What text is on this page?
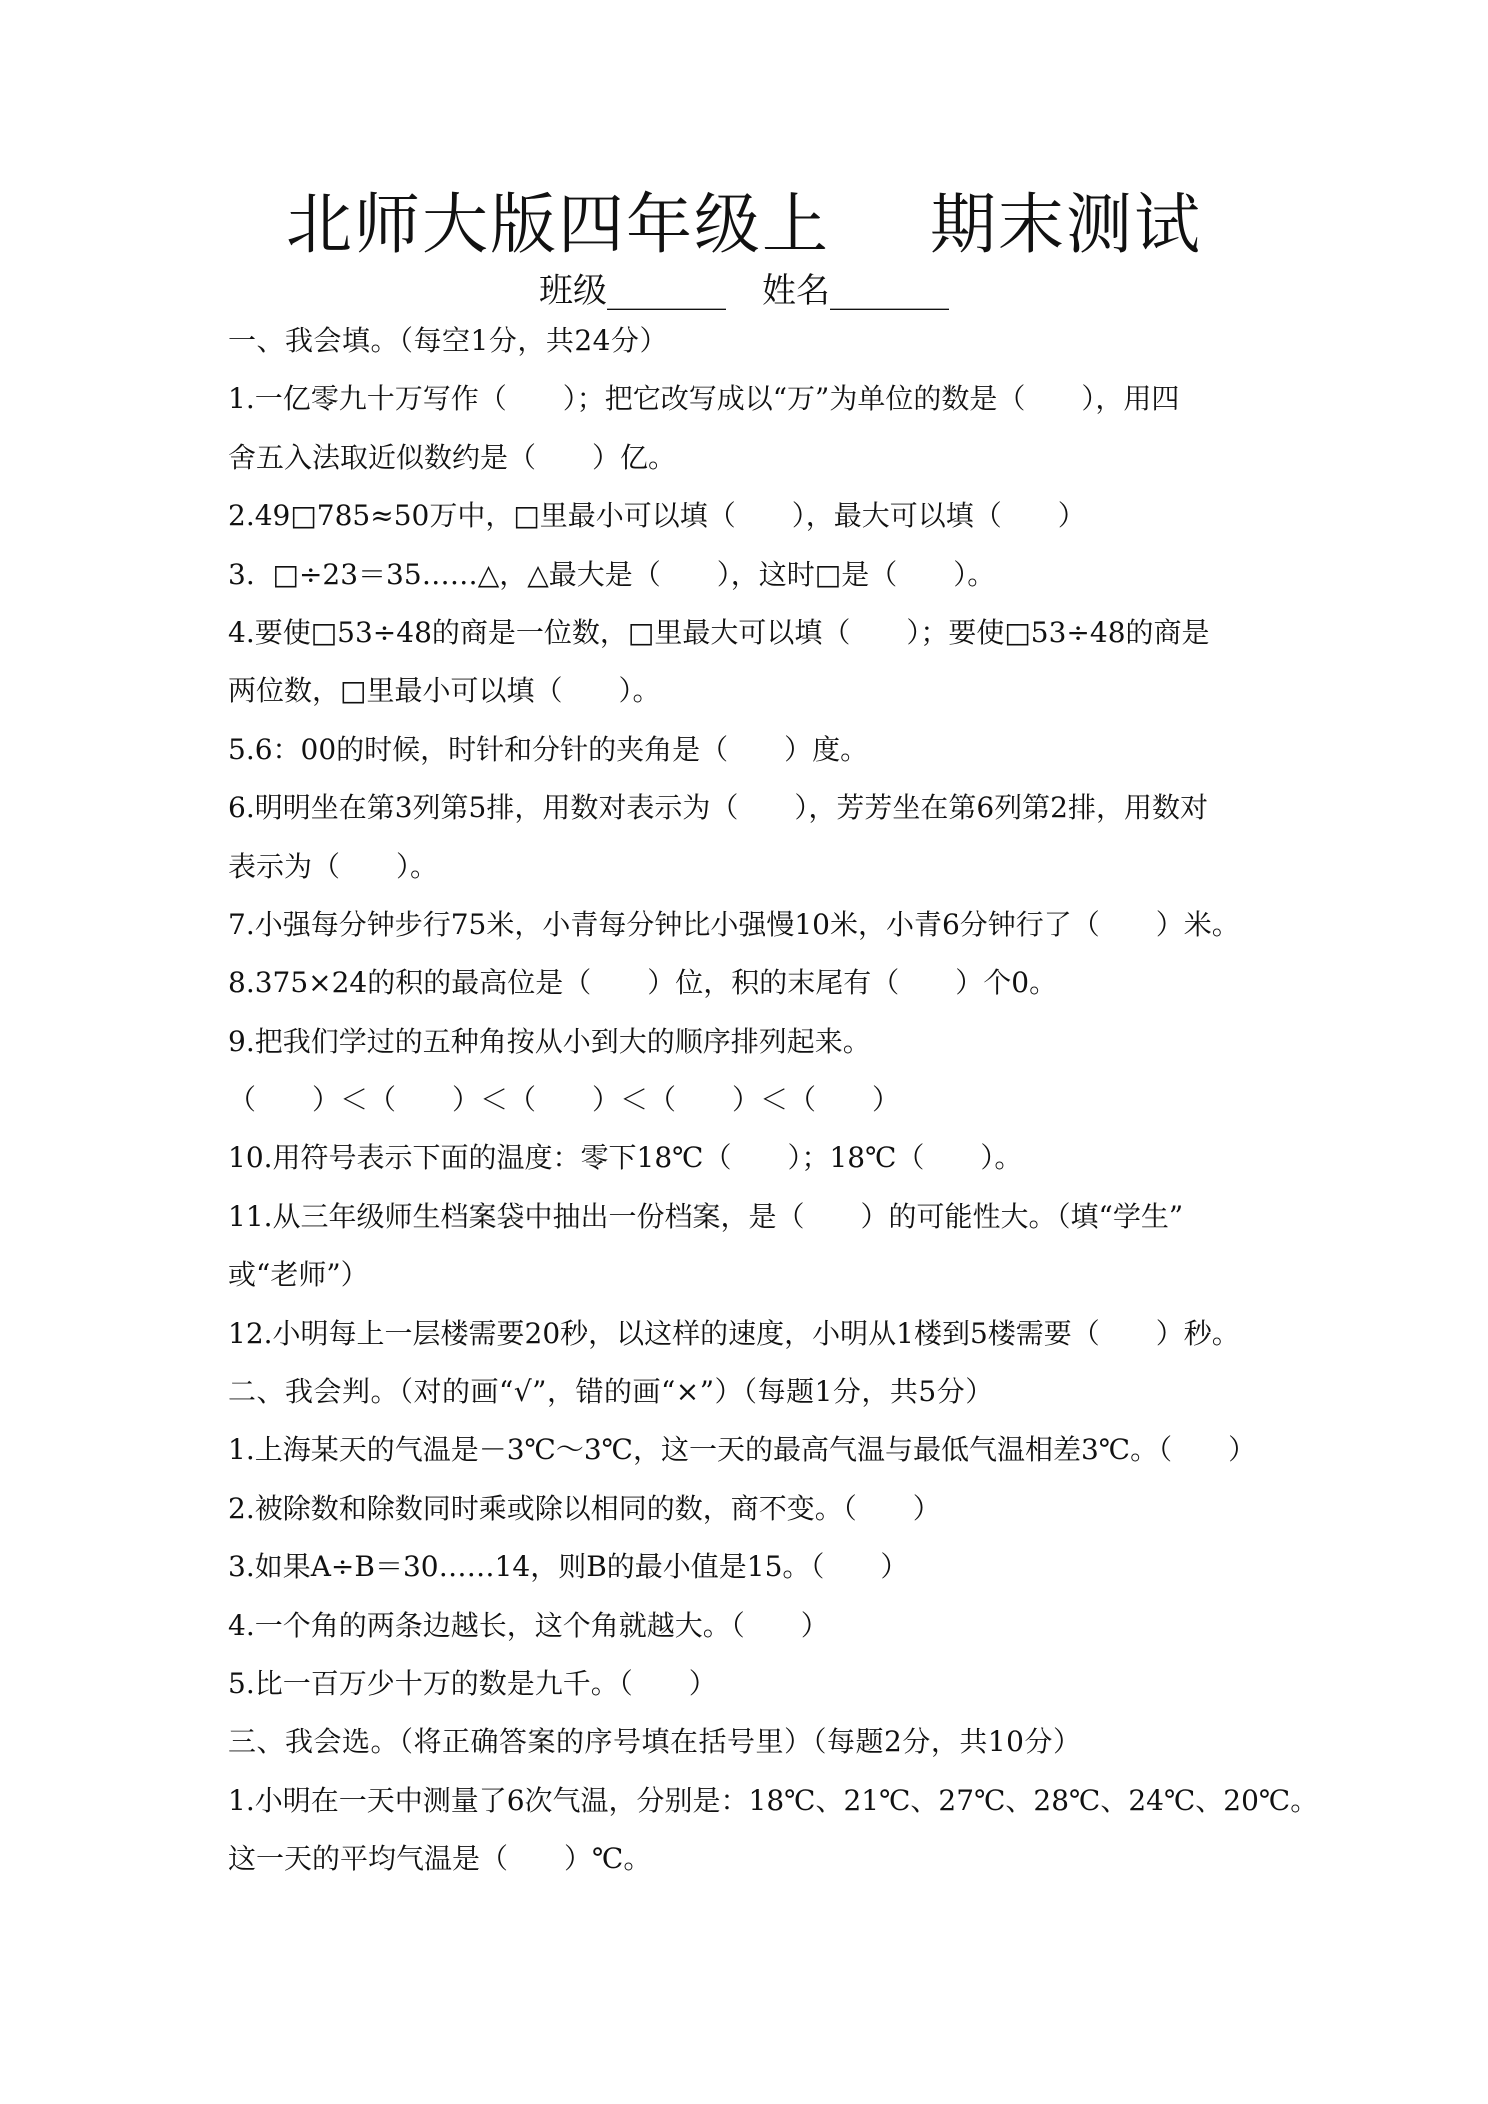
北师大版四年级上 期末测试
班级_______ 姓名_______
一、我会填。（每空1分，共24分）
1.一亿零九十万写作（　　）；把它改写成以“万”为单位的数是（　　），用四
舍五入法取近似数约是（　　）亿。
2.49□785≈50万中，□里最小可以填（　　），最大可以填（　　）
3.  □÷23＝35……△，△最大是（　　），这时□是（　　）。
4.要使□53÷48的商是一位数，□里最大可以填（　　）；要使□53÷48的商是
两位数，□里最小可以填（　　）。
5.6：00的时候，时针和分针的夹角是（　　）度。
6.明明坐在第3列第5排，用数对表示为（　　），芳芳坐在第6列第2排，用数对
表示为（　　）。
7.小强每分钟步行75米，小青每分钟比小强慢10米，小青6分钟行了（　　）米。
8.375×24的积的最高位是（　　）位，积的末尾有（　　）个0。
9.把我们学过的五种角按从小到大的顺序排列起来。
（　　）＜（　　）＜（　　）＜（　　）＜（　　）
10.用符号表示下面的温度：零下18℃（　　）；18℃（　　）。
11.从三年级师生档案袋中抽出一份档案，是（　　）的可能性大。（填“学生”
或“老师”）
12.小明每上一层楼需要20秒，以这样的速度，小明从1楼到5楼需要（　　）秒。
二、我会判。（对的画“√”，错的画“×”）（每题1分，共5分）
1.上海某天的气温是－3℃～3℃，这一天的最高气温与最低气温相差3℃。（　　）
2.被除数和除数同时乘或除以相同的数，商不变。（　　）
3.如果A÷B＝30……14，则B的最小值是15。（　　）
4.一个角的两条边越长，这个角就越大。（　　）
5.比一百万少十万的数是九千。（　　）
三、我会选。（将正确答案的序号填在括号里）（每题2分，共10分）
1.小明在一天中测量了6次气温，分别是：18℃、21℃、27℃、28℃、24℃、20℃。
这一天的平均气温是（　　）℃。
